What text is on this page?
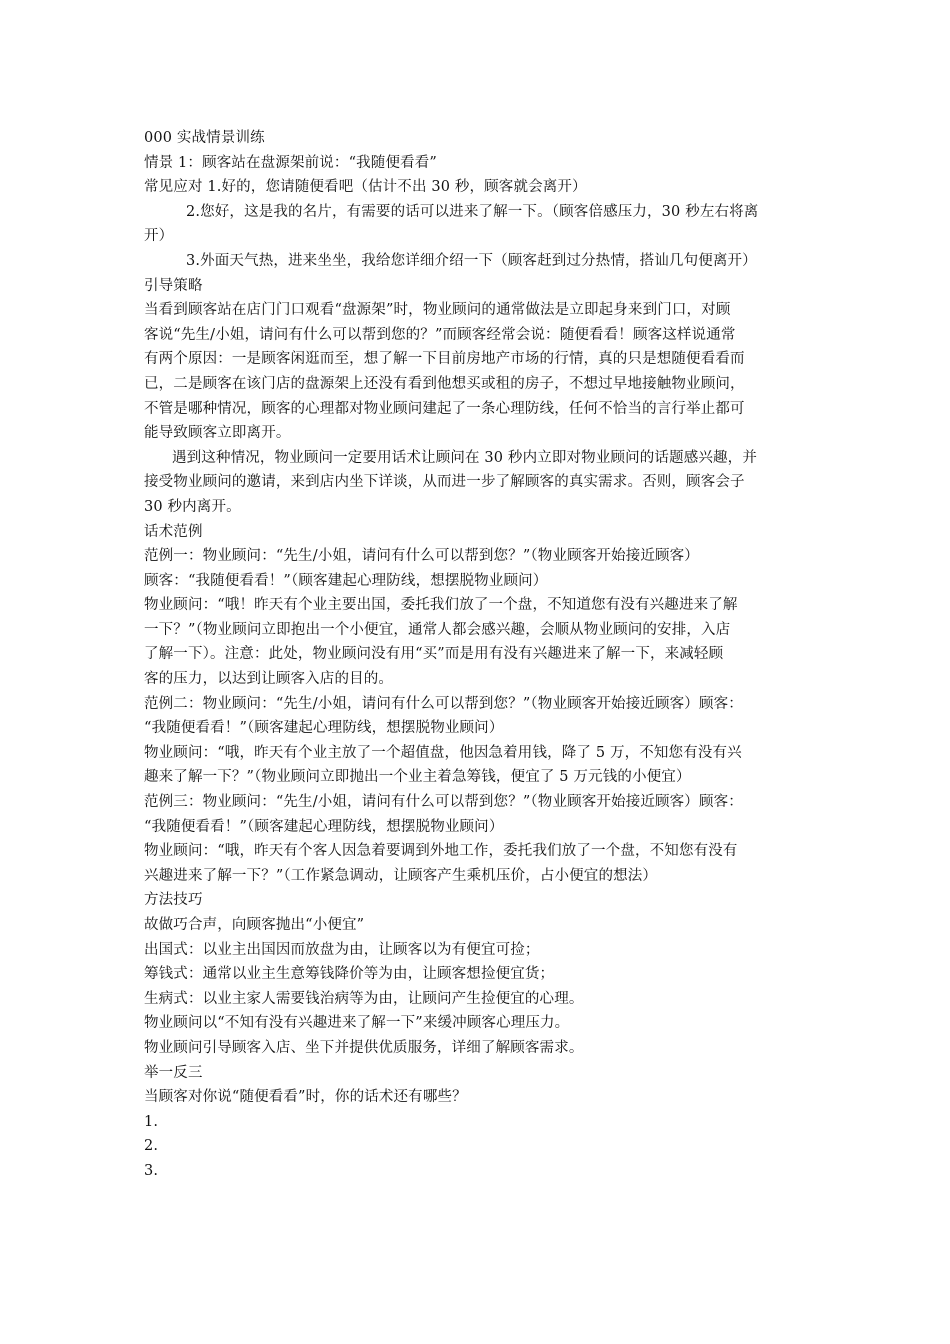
000 实战情景训练
情景 1：顾客站在盘源架前说：“我随便看看”
常见应对 1.好的，您请随便看吧（估计不出 30 秒，顾客就会离开）
2.您好，这是我的名片，有需要的话可以进来了解一下。（顾客倍感压力，30 秒左右将离
开）
3.外面天气热，进来坐坐，我给您详细介绍一下（顾客赶到过分热情，搭讪几句便离开）
引导策略
当看到顾客站在店门门口观看“盘源架”时，物业顾问的通常做法是立即起身来到门口，对顾
客说“先生/小姐，请问有什么可以帮到您的？”而顾客经常会说：随便看看！顾客这样说通常
有两个原因：一是顾客闲逛而至，想了解一下目前房地产市场的行情，真的只是想随便看看而
已，二是顾客在该门店的盘源架上还没有看到他想买或租的房子，不想过早地接触物业顾问，
不管是哪种情况，顾客的心理都对物业顾问建起了一条心理防线，任何不恰当的言行举止都可
能导致顾客立即离开。
遇到这种情况，物业顾问一定要用话术让顾问在 30 秒内立即对物业顾问的话题感兴趣，并
接受物业顾问的邀请，来到店内坐下详谈，从而进一步了解顾客的真实需求。否则，顾客会子
30 秒内离开。
话术范例
范例一：物业顾问：“先生/小姐，请问有什么可以帮到您？”（物业顾客开始接近顾客）
顾客：“我随便看看！”（顾客建起心理防线，想摆脱物业顾问）
物业顾问：“哦！昨天有个业主要出国，委托我们放了一个盘，不知道您有没有兴趣进来了解
一下？”（物业顾问立即抱出一个小便宜，通常人都会感兴趣，会顺从物业顾问的安排，入店
了解一下）。注意：此处，物业顾问没有用“买”而是用有没有兴趣进来了解一下，来减轻顾
客的压力，以达到让顾客入店的目的。
范例二：物业顾问：“先生/小姐，请问有什么可以帮到您？”（物业顾客开始接近顾客）顾客：
“我随便看看！”（顾客建起心理防线，想摆脱物业顾问）
物业顾问：“哦，昨天有个业主放了一个超值盘，他因急着用钱，降了 5 万，不知您有没有兴
趣来了解一下？”（物业顾问立即抛出一个业主着急筹钱，便宜了 5 万元钱的小便宜）
范例三：物业顾问：“先生/小姐，请问有什么可以帮到您？”（物业顾客开始接近顾客）顾客：
“我随便看看！”（顾客建起心理防线，想摆脱物业顾问）
物业顾问：“哦，昨天有个客人因急着要调到外地工作，委托我们放了一个盘，不知您有没有
兴趣进来了解一下？”（工作紧急调动，让顾客产生乘机压价，占小便宜的想法）
方法技巧
故做巧合声，向顾客抛出“小便宜”
出国式：以业主出国因而放盘为由，让顾客以为有便宜可捡；
筹钱式：通常以业主生意筹钱降价等为由，让顾客想捡便宜货；
生病式：以业主家人需要钱治病等为由，让顾问产生捡便宜的心理。
物业顾问以“不知有没有兴趣进来了解一下”来缓冲顾客心理压力。
物业顾问引导顾客入店、坐下并提供优质服务，详细了解顾客需求。
举一反三
当顾客对你说“随便看看”时，你的话术还有哪些？
1.
2.
3.
